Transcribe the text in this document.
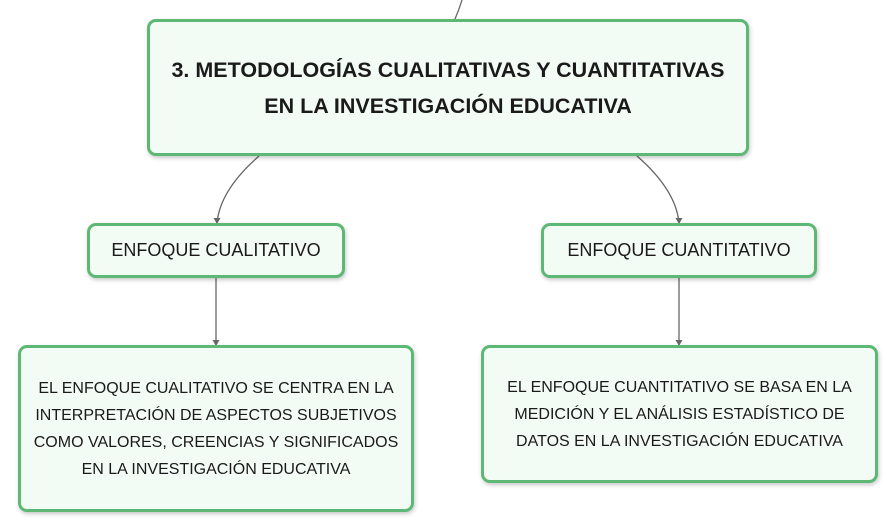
3. METODOLOGÍAS CUALITATIVAS Y CUANTITATIVAS EN LA INVESTIGACIÓN EDUCATIVA
ENFOQUE CUALITATIVO	ENFOQUE CUANTITATIVO
EL ENFOQUE CUALITATIVO SE CENTRA EN LA INTERPRETACIÓN DE ASPECTOS SUBJETIVOS COMO VALORES, CREENCIAS Y SIGNIFICADOS EN LA INVESTIGACIÓN EDUCATIVA
EL ENFOQUE CUANTITATIVO SE BASA EN LA MEDICIÓN Y EL ANÁLISIS ESTADÍSTICO DE DATOS EN LA INVESTIGACIÓN EDUCATIVA
